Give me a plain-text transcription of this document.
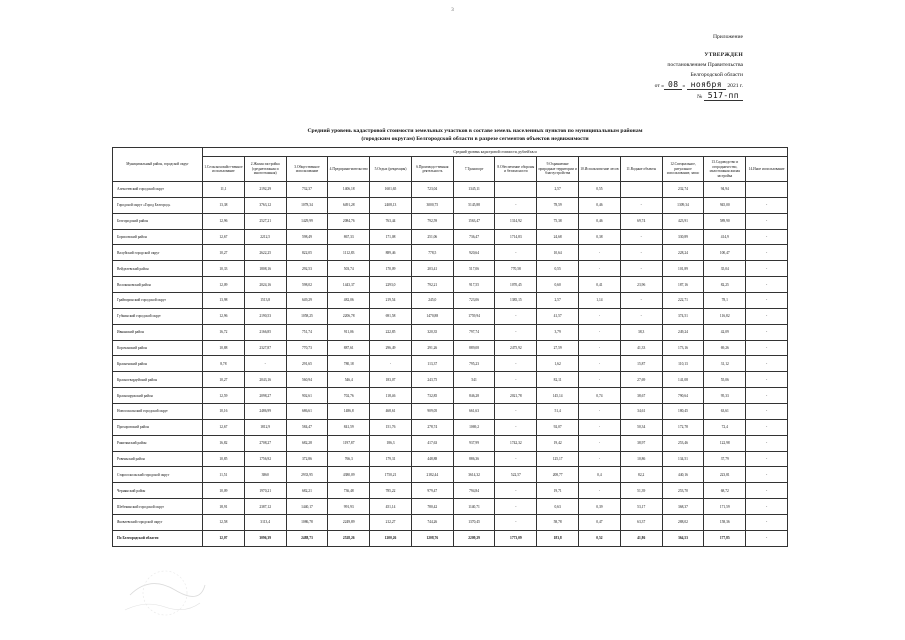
3
Приложение
УТВЕРЖДЕН
постановлением Правительства
Белгородской области
от « 08 » ноября 2021 г.
№ 517-пп
Средний уровень кадастровой стоимости земельных участков в составе земель населенных пунктов по муниципальным районам
(городским округам) Белгородской области в разрезе сегментов объектов недвижимости
Муниципальный район, городской округ	Средний уровень кадастровой стоимости, рублей/кв.м													
	1.Сельскохозяйст-венное использование	2.Жилая застройка (среднеэтажная и многоэтажная)	3.Общественное использование	4.Предприни-мательство	5.Отдых (рекреация)	6.Производст-венная деятельность	7.Транспорт	8.Обеспечение обороны и безопасности	9.Охраняемые природные территории и благоустройства	10.Использова-ние лесов	11.Водные объекты	12.Специальное, ритуальное использование, запас	13.Садоводство и огородничество, малоэтажная жилая застройка	14.Иное использование
Алексеевский городской округ	11,1	2192,29	732,37	1406,18	1601,65	723,04	1345,11		2,57	0,55		232,74	94,94	
Городской округ «Город Белгород»	13,38	3763,12	1078,34	6491,28	2408,13	3000,75	5145,88	-	78,59	0,46	-	1309,34	945,00	-
Белгородский район	12,96	2527,21	1429,99	2084,76	763,44	792,59	1563,47	1314,92	75,38	0,46	69,74	423,91	589,90	-
Борисовский район	12,67	2212,5	598,49	867,33	171,08	251,06	736,47	1714,83	24,68	0,38	-	330,89	414,9	-
Валуйский городской округ	10,27	2622,25	822,05	1112,83	889,46	778,5	920,64	-	10,64	-	-	228,24	100,47	-
Вейделевский район	10,33	1808,16	292,53	503,74	170,09	203,41	517,06	770,58	0,55	-	-	101,89	35,04	-
Волоконовский район	12,09	2024,16	598,02	1443,37	2293,0	792,21	917,55	1070,45	0,60	0,41	23,96	187,16	82,25	-
Грайворонский городской округ	13,98	1513,8	649,29	482,06	219,54	245,0	723,06	1385,15	2,57	1,14	-	222,71	78,1	-
Губкинский городской округ	12,96	2190,53	1058,25	2206,78	691,58	1470,88	1759,94	-	41,57	-	-	374,51	116,82	-
Ивнянский район	16,72	2166,85	751,74	911,06	222,85	320,35	797,74	-	3,79	-	38,3	249,24	42,09	-
Корочанский район	10,88	2327,87	770,73	887,61	296,49	291,26	889,08	2475,92	27,59	-	41,33	173,16	69,26	-
Красненский район	8,78	-	291,65	780,18	-	113,37	795,23	-	1,62	-	15,87	110,13	31,12	-
Красногвардейский район	10,27	2043,16	560,94	546,4	183,07	243,75	541	-	82,11	-	27,69	141,08	55,06	-
Краснояружский район	12,59	2098,27	902,61	702,76	118,46	732,85	846,28	2021,78	145,14	0,74	38,67	790,64	95,33	-
Новооскольский городской округ	10,16	2486,99	686,61	1486,8	468,61	909,05	661,63	-	51,4	-	34,61	180,45	63,61	-
Прохоровский район	12,67	1812,9	584,47	841,59	151,76	278,74	1069,2	-	92,07	-	50,34	172,78	72,4	-
Ракитянский район	16,82	2708,27	682,28	1197,87	186,3	417,63	937,99	1742,32	19,42	-	38,97	253,46	122,98	-
Ровеньский район	10,85	1756,92	372,86	766,3	179,31	448,88	886,36	-	125,17	-	10,86	134,51	37,79	-
Старооскольский городской округ	11,51	3860	2933,95	4380,09	1750,21	2182,44	3614,32	522,57	208,77	0,4	82,2	440,16	223,81	-
Чернянский район	10,09	1970,21	682,21	736,48	785,22	979,47	794,84	-	19,71	-	51,39	253,70	68,72	-
Шебекинский городской округ	18,91	2387,12	1440,17	991,93	451,14	780,42	1140,71	-	0,63	0,39	53,17	368,37	171,59	-
Яковлевский городской округ	12,58	3113,4	1086,78	2249,89	212,27	744,26	1370,45	-	58,78	0,47	63,37	288,02	158,36	-
По Белгородской области	12,07	3096,39	2488,73	2528,26	1200,26	1208,76	2209,29	1773,09	183,8	0,52	41,86	364,53	177,85	-
